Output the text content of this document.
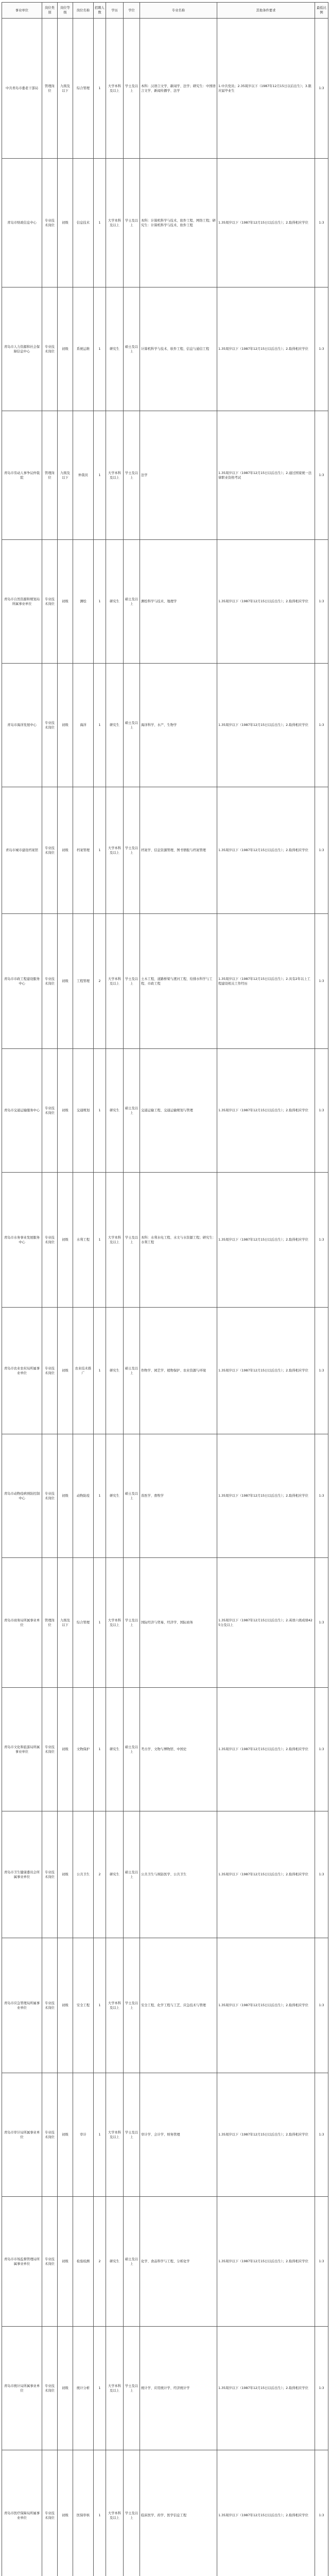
事业单位	岗位类别	岗位等级	岗位名称	招聘人数	学历	学位	专业名称	其他条件要求	最低比例
中共青岛市委老干部局	管理岗位	九级及以下	综合管理	1	大学本科及以上	学士及以上	本科：汉语言文学、新闻学、法学；研究生：中国语言文学、新闻传播学、法学	1.中共党员；2.35周岁以下（1987年12月15日以后出生）；3.限应届毕业生	1:3
青岛市财政信息中心	专业技术岗位	初级	信息技术	1	大学本科及以上	学士及以上	本科：计算机科学与技术、软件工程、网络工程；研究生：计算机科学与技术、软件工程	1.35周岁以下（1987年12月15日以后出生）；2.取得相应学位	1:3
青岛市人力资源和社会保障信息中心	专业技术岗位	初级	系统运维	1	研究生	硕士及以上	计算机科学与技术、软件工程、信息与通信工程	1.35周岁以下（1987年12月15日以后出生）；2.取得相应学位	1:3
青岛市劳动人事争议仲裁院	管理岗位	九级及以下	仲裁员	1	大学本科及以上	学士及以上	法学	1.35周岁以下（1987年12月15日以后出生）；2.通过国家统一法律职业资格考试	1:3
青岛市自然资源和规划局所属事业单位	专业技术岗位	初级	测绘	1	研究生	硕士及以上	测绘科学与技术、地理学	1.35周岁以下（1987年12月15日以后出生）；2.取得相应学位	1:3
青岛市海洋发展中心	专业技术岗位	初级	海洋	1	研究生	硕士及以上	海洋科学、水产、生物学	1.35周岁以下（1987年12月15日以后出生）；2.取得相应学位	1:3
青岛市城市建设档案馆	专业技术岗位	初级	档案管理	1	大学本科及以上	学士及以上	档案学、信息资源管理、图书情报与档案管理	1.35周岁以下（1987年12月15日以后出生）；2.取得相应学位	1:3
青岛市市政工程建设服务中心	专业技术岗位	初级	工程管理	2	大学本科及以上	学士及以上	土木工程、道路桥梁与渡河工程、给排水科学与工程、市政工程	1.35周岁以下（1987年12月15日以后出生）；2.具有2年以上工程建设相关工作经历	1:3
青岛市交通运输服务中心	专业技术岗位	初级	交通规划	1	研究生	硕士及以上	交通运输工程、交通运输规划与管理	1.35周岁以下（1987年12月15日以后出生）；2.取得相应学位	1:3
青岛市水务事业发展服务中心	专业技术岗位	初级	水利工程	1	大学本科及以上	学士及以上	本科：水利水电工程、水文与水资源工程；研究生：水利工程	1.35周岁以下（1987年12月15日以后出生）；2.取得相应学位	1:3
青岛市农业农村局所属事业单位	专业技术岗位	初级	农业技术推广	1	研究生	硕士及以上	作物学、园艺学、植物保护、农业资源与环境	1.35周岁以下（1987年12月15日以后出生）；2.取得相应学位	1:3
青岛市动物疫病预防控制中心	专业技术岗位	初级	动物防疫	1	研究生	硕士及以上	兽医学、畜牧学	1.35周岁以下（1987年12月15日以后出生）；2.取得相应学位	1:3
青岛市商务局所属事业单位	管理岗位	九级及以下	综合管理	1	大学本科及以上	学士及以上	国际经济与贸易、经济学、国际商务	1.35周岁以下（1987年12月15日以后出生）；2.英语六级成绩425分及以上	1:3
青岛市文化和旅游局所属事业单位	专业技术岗位	初级	文物保护	1	研究生	硕士及以上	考古学、文物与博物馆、中国史	1.35周岁以下（1987年12月15日以后出生）；2.取得相应学位	1:3
青岛市卫生健康委员会所属事业单位	专业技术岗位	初级	公共卫生	2	研究生	硕士及以上	公共卫生与预防医学、公共卫生	1.35周岁以下（1987年12月15日以后出生）；2.取得相应学位	1:3
青岛市应急管理局所属事业单位	专业技术岗位	初级	安全工程	1	大学本科及以上	学士及以上	安全工程、化学工程与工艺、应急技术与管理	1.35周岁以下（1987年12月15日以后出生）；2.取得相应学位	1:3
青岛市审计局所属事业单位	专业技术岗位	初级	审计	1	大学本科及以上	学士及以上	审计学、会计学、财务管理	1.35周岁以下（1987年12月15日以后出生）；2.取得相应学位	1:3
青岛市市场监督管理局所属事业单位	专业技术岗位	初级	检验检测	2	研究生	硕士及以上	化学、食品科学与工程、分析化学	1.35周岁以下（1987年12月15日以后出生）；2.取得相应学位	1:3
青岛市统计局所属事业单位	专业技术岗位	初级	统计分析	1	大学本科及以上	学士及以上	统计学、应用统计学、经济统计学	1.35周岁以下（1987年12月15日以后出生）；2.取得相应学位	1:3
青岛市医疗保障局所属事业单位	专业技术岗位	初级	医保审核	1	大学本科及以上	学士及以上	临床医学、药学、医学信息工程	1.35周岁以下（1987年12月15日以后出生）；2.取得相应学位	1:3
